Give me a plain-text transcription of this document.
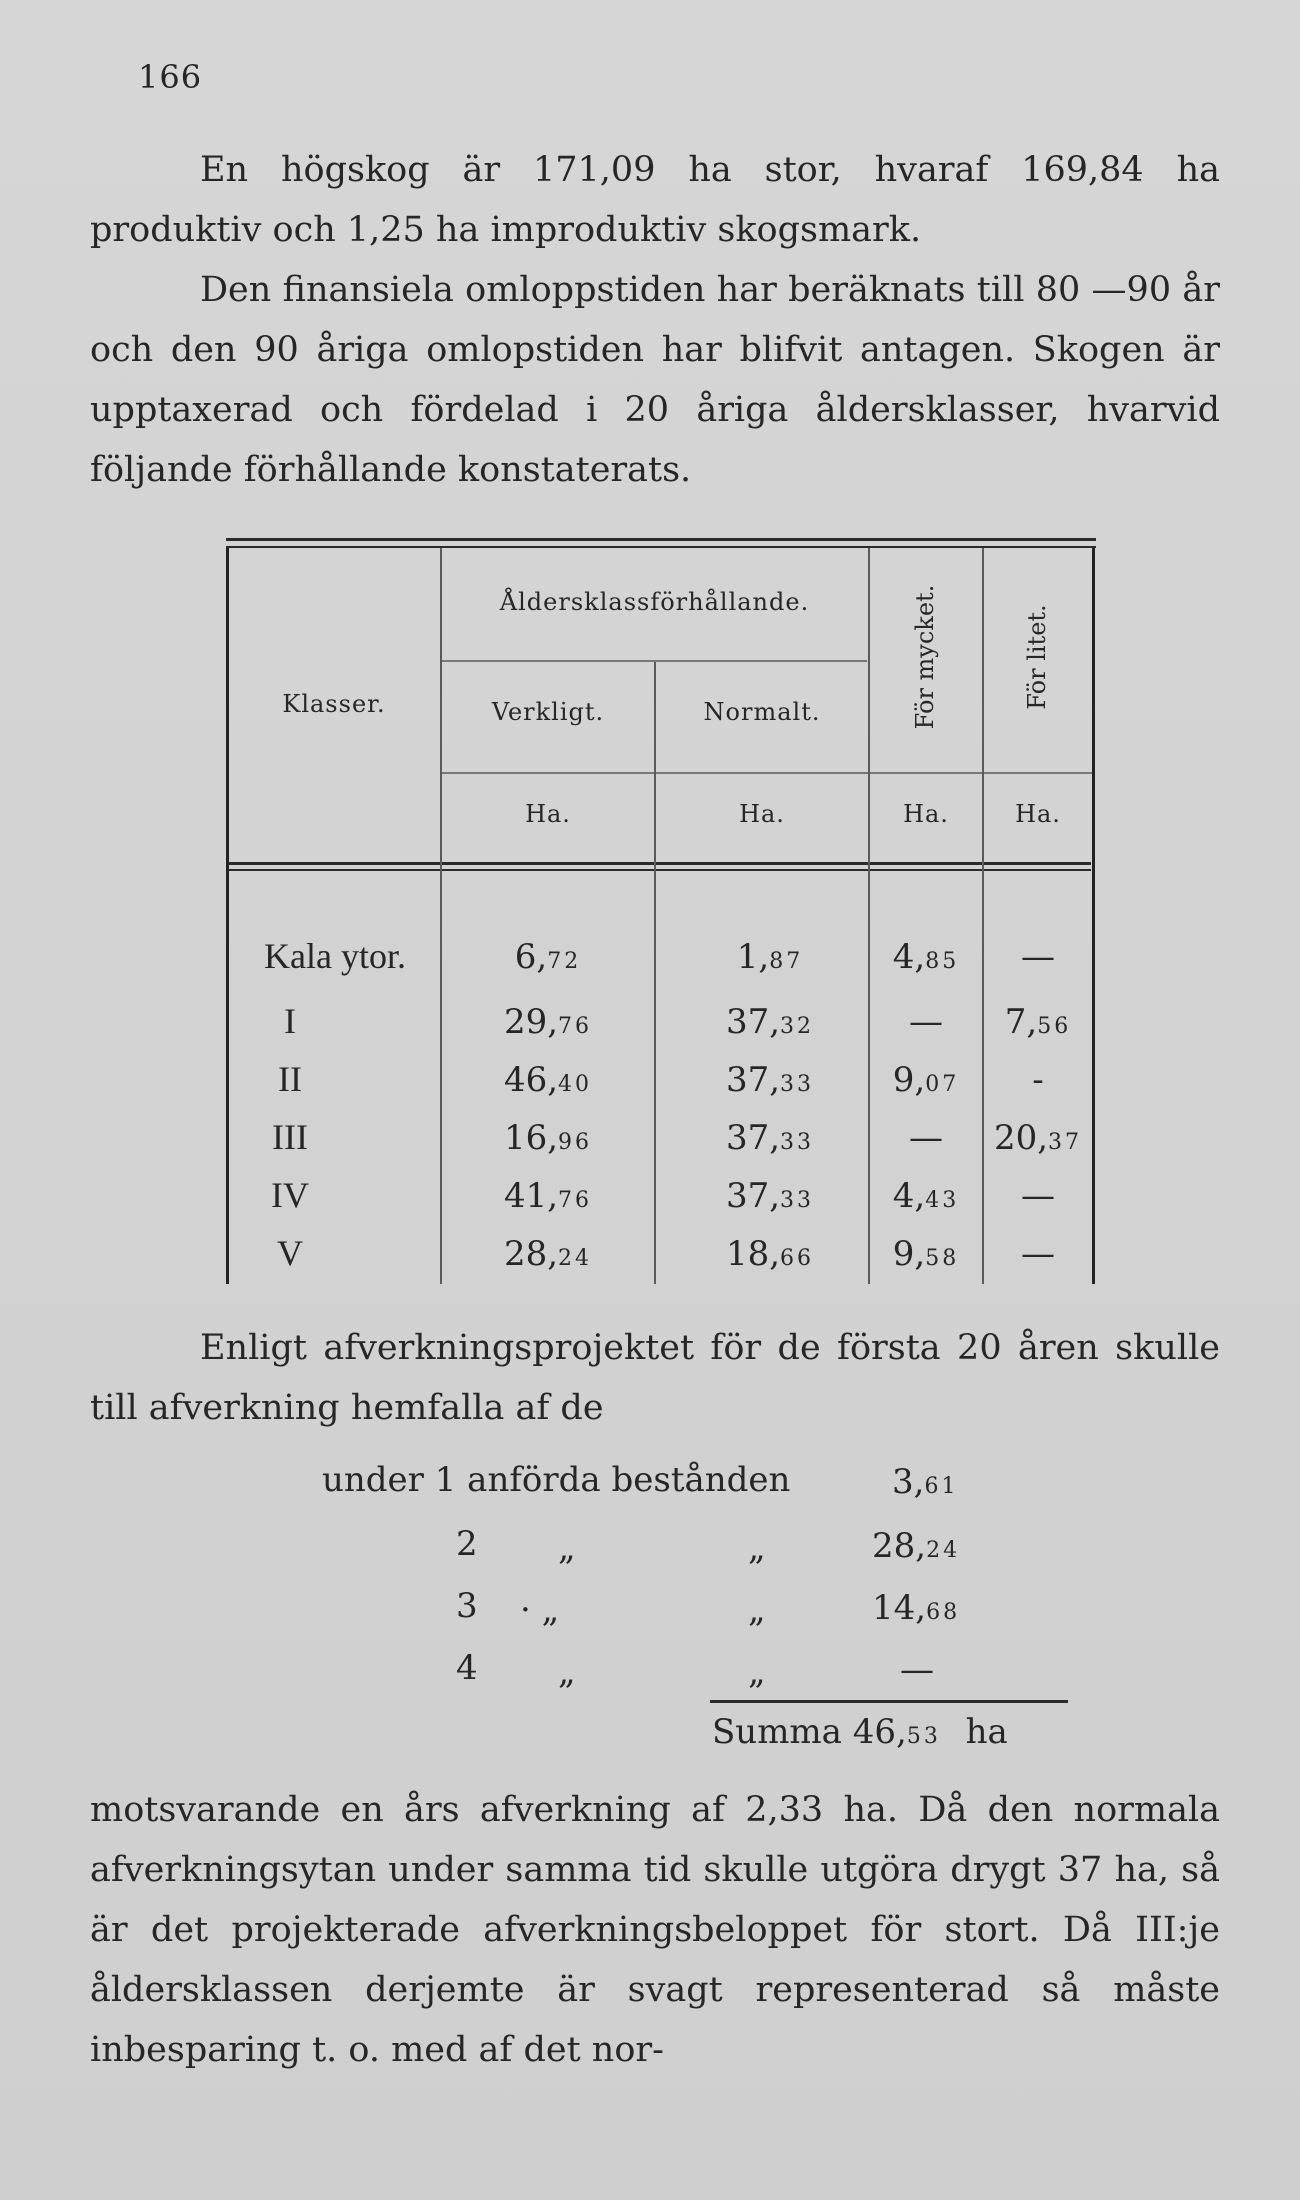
166

En högskog är 171,09 ha stor, hvaraf 169,84 ha produktiv och 1,25 ha improduktiv skogsmark.

Den finansiela omloppstiden har beräknats till 80 —90 år och den 90 åriga omlopstiden har blifvit antagen. Skogen är upptaxerad och fördelad i 20 åriga åldersklasser, hvarvid följande förhållande konstaterats.

Klasser.
Åldersklassförhållande.
Verkligt.	Normalt.	För mycket.	För litet.
Ha.	Ha.	Ha.	Ha.
Kala ytor.	6,72	1,87	4,85	—
I	29,76	37,32	—	7,56
II	46,40	37,33	9,07	-
III	16,96	37,33	—	20,37
IV	41,76	37,33	4,43	—
V	28,24	18,66	9,58	—

Enligt afverkningsprojektet för de första 20 åren skulle till afverkning hemfalla af de

under 1 anförda bestånden	3,61
2 „	„	28,24
3 · „	„	14,68
4 „	„	—
Summa 46,53 ha

motsvarande en års afverkning af 2,33 ha. Då den normala afverkningsytan under samma tid skulle utgöra drygt 37 ha, så är det projekterade afverkningsbeloppet för stort. Då III:je åldersklassen derjemte är svagt representerad så måste inbesparing t. o. med af det nor-
